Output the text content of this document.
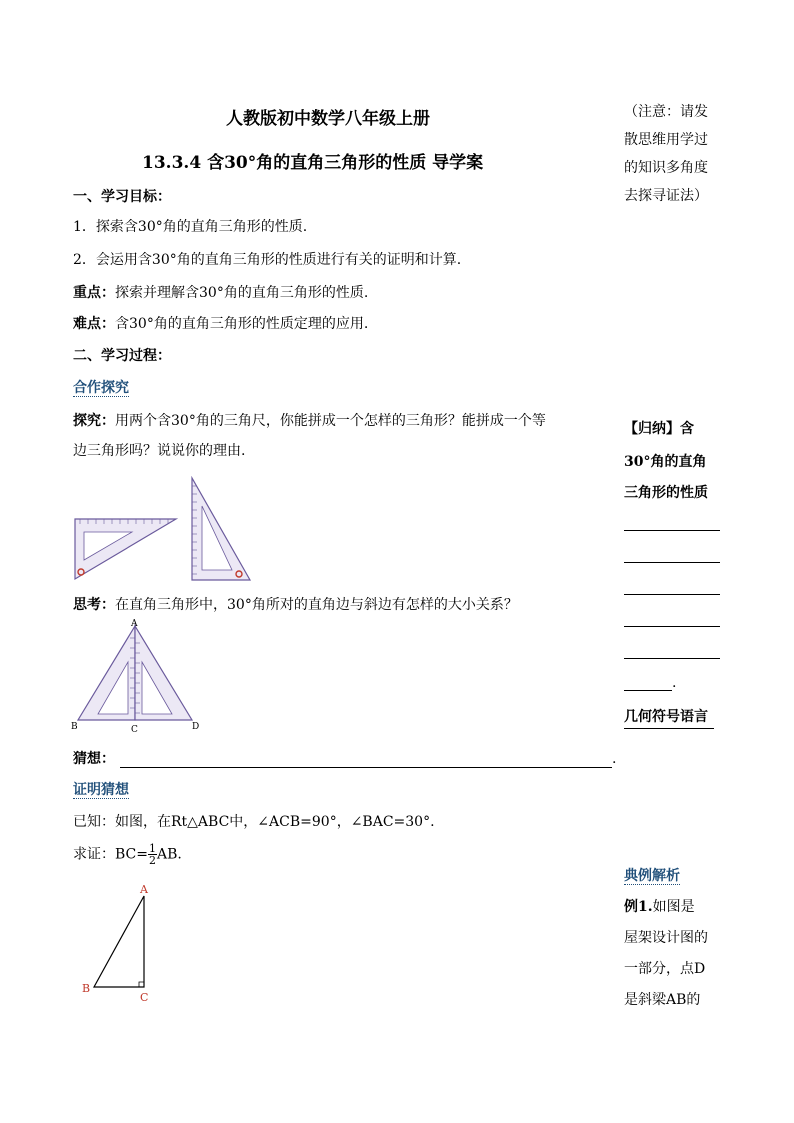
人教版初中数学八年级上册
13.3.4 含30°角的直角三角形的性质 导学案
（注意：请发
散思维用学过
的知识多角度
去探寻证法）
一、学习目标：
1．探索含30°角的直角三角形的性质.
2．会运用含30°角的直角三角形的性质进行有关的证明和计算.
重点：探索并理解含30°角的直角三角形的性质.
难点：含30°角的直角三角形的性质定理的应用.
二、学习过程：
合作探究
探究：用两个含30°角的三角尺，你能拼成一个怎样的三角形？能拼成一个等
边三角形吗？说说你的理由.
思考：在直角三角形中，30°角所对的直角边与斜边有怎样的大小关系？
A
B	C	D
猜想：	.
证明猜想
已知：如图，在Rt△ABC中，∠ACB=90°，∠BAC=30°.
求证：$BC= \frac{1}{2}$ AB.
A
B
C
【归纳】含
30°角的直角
三角形的性质
.
几何符号语言
典例解析
例1.如图是
屋架设计图的
一部分，点D
是斜梁AB的
